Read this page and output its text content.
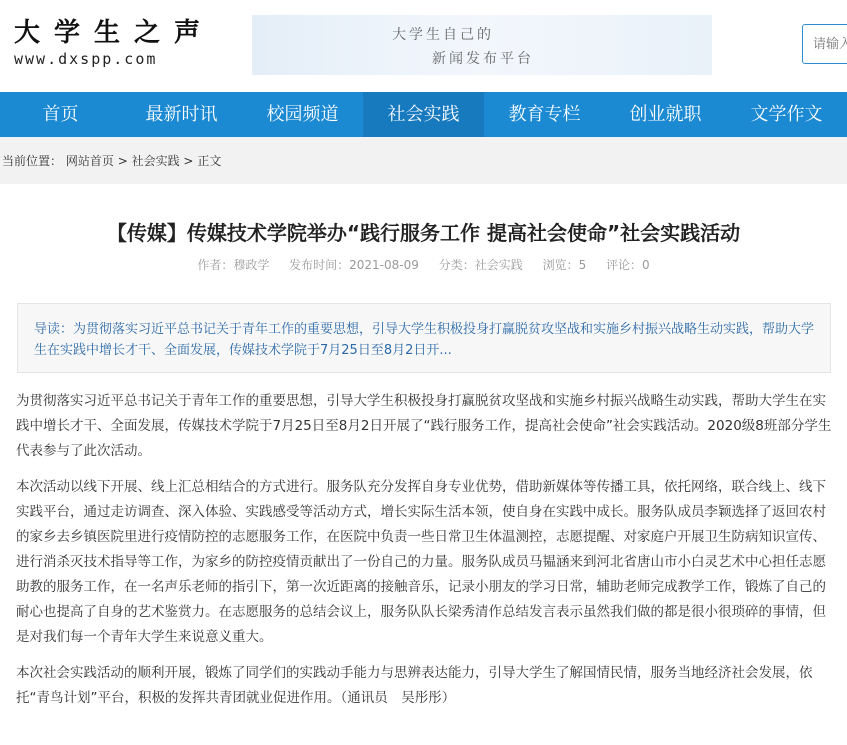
大学生之声
www.dxspp.com
大学生自己的
新闻发布平台
请输入
首页	最新时讯	校园频道	社会实践	教育专栏	创业就职	文学作文
当前位置： 网站首页 > 社会实践 > 正文
【传媒】传媒技术学院举办“践行服务工作 提高社会使命”社会实践活动
作者：穆政学 发布时间：2021-08-09 分类：社会实践 浏览：5 评论：0
导读：为贯彻落实习近平总书记关于青年工作的重要思想，引导大学生积极投身打赢脱贫攻坚战和实施乡村振兴战略生动实践，帮助大学生在实践中增长才干、全面发展，传媒技术学院于7月25日至8月2日开...

为贯彻落实习近平总书记关于青年工作的重要思想，引导大学生积极投身打赢脱贫攻坚战和实施乡村振兴战略生动实践，帮助大学生在实践中增长才干、全面发展，传媒技术学院于7月25日至8月2日开展了“践行服务工作，提高社会使命”社会实践活动。2020级8班部分学生代表参与了此次活动。

本次活动以线下开展、线上汇总相结合的方式进行。服务队充分发挥自身专业优势，借助新媒体等传播工具，依托网络，联合线上、线下实践平台，通过走访调查、深入体验、实践感受等活动方式，增长实际生活本领，使自身在实践中成长。服务队成员李颖选择了返回农村的家乡去乡镇医院里进行疫情防控的志愿服务工作，在医院中负责一些日常卫生体温测控，志愿提醒、对家庭户开展卫生防病知识宣传、进行消杀灭技术指导等工作，为家乡的防控疫情贡献出了一份自己的力量。服务队成员马韫涵来到河北省唐山市小白灵艺术中心担任志愿助教的服务工作，在一名声乐老师的指引下，第一次近距离的接触音乐，记录小朋友的学习日常，辅助老师完成教学工作，锻炼了自己的耐心也提高了自身的艺术鉴赏力。在志愿服务的总结会议上，服务队队长梁秀清作总结发言表示虽然我们做的都是很小很琐碎的事情，但是对我们每一个青年大学生来说意义重大。

本次社会实践活动的顺利开展，锻炼了同学们的实践动手能力与思辨表达能力，引导大学生了解国情民情，服务当地经济社会发展，依托“青鸟计划”平台，积极的发挥共青团就业促进作用。（通讯员　吴彤彤）
